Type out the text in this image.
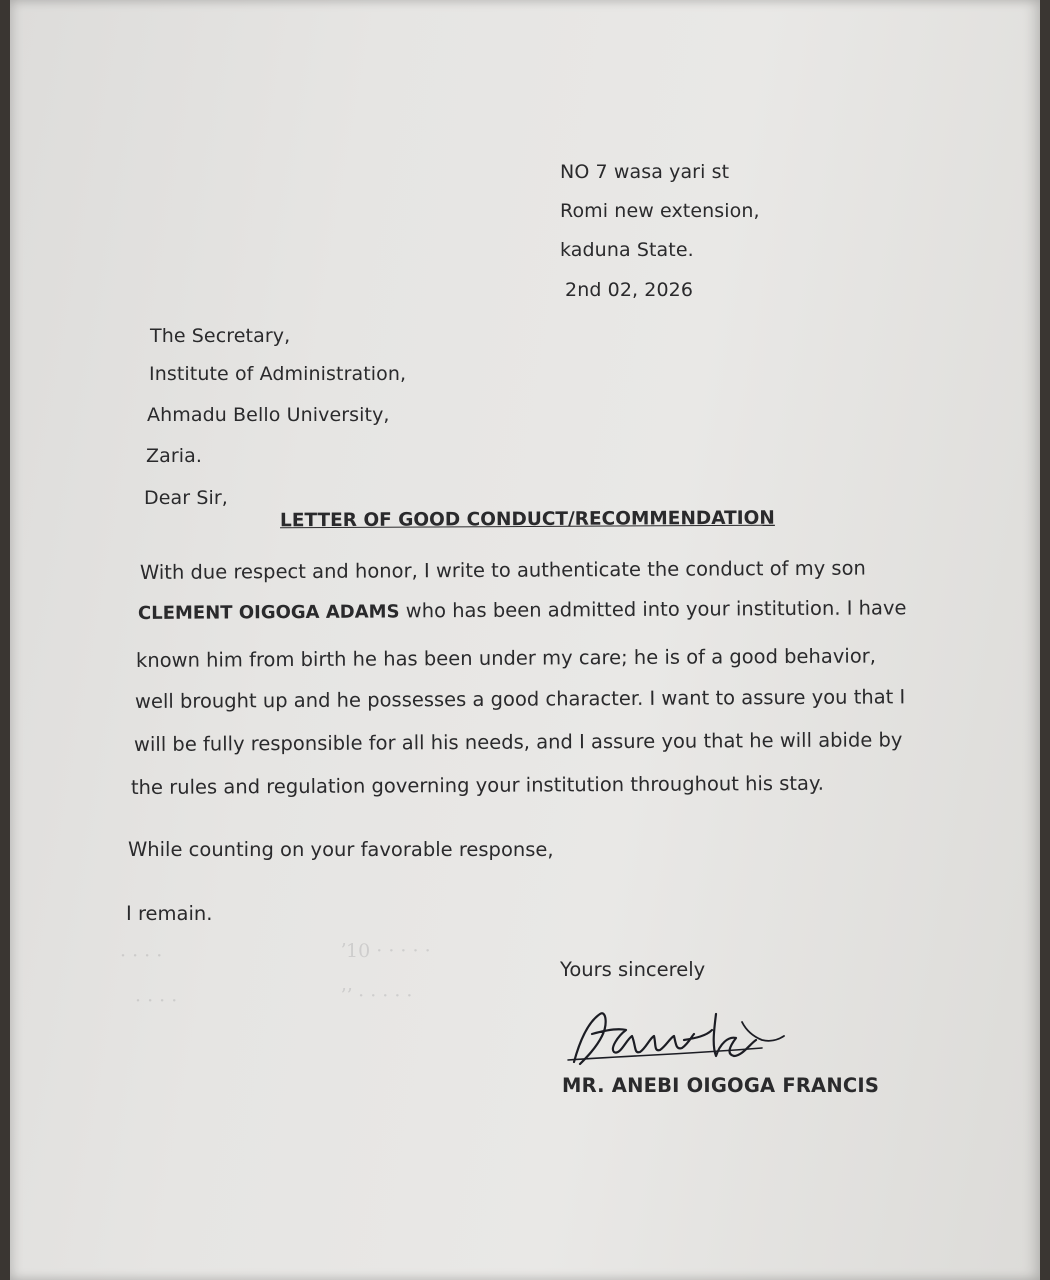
ʼ10 · · · · ·
ʼʼ · · · · ·
· · · ·
· · · ·
NO 7 wasa yari st
Romi new extension,
kaduna State.
2nd 02, 2026
The Secretary,
Institute of Administration,
Ahmadu Bello University,
Zaria.
Dear Sir,
LETTER OF GOOD CONDUCT/RECOMMENDATION
With due respect and honor, I write to authenticate the conduct of my son
CLEMENT OIGOGA ADAMS who has been admitted into your institution. I have
known him from birth he has been under my care; he is of a good behavior,
well brought up and he possesses a good character. I want to assure you that I
will be fully responsible for all his needs, and I assure you that he will abide by
the rules and regulation governing your institution throughout his stay.
While counting on your favorable response,
I remain.
Yours sincerely
MR. ANEBI OIGOGA FRANCIS
